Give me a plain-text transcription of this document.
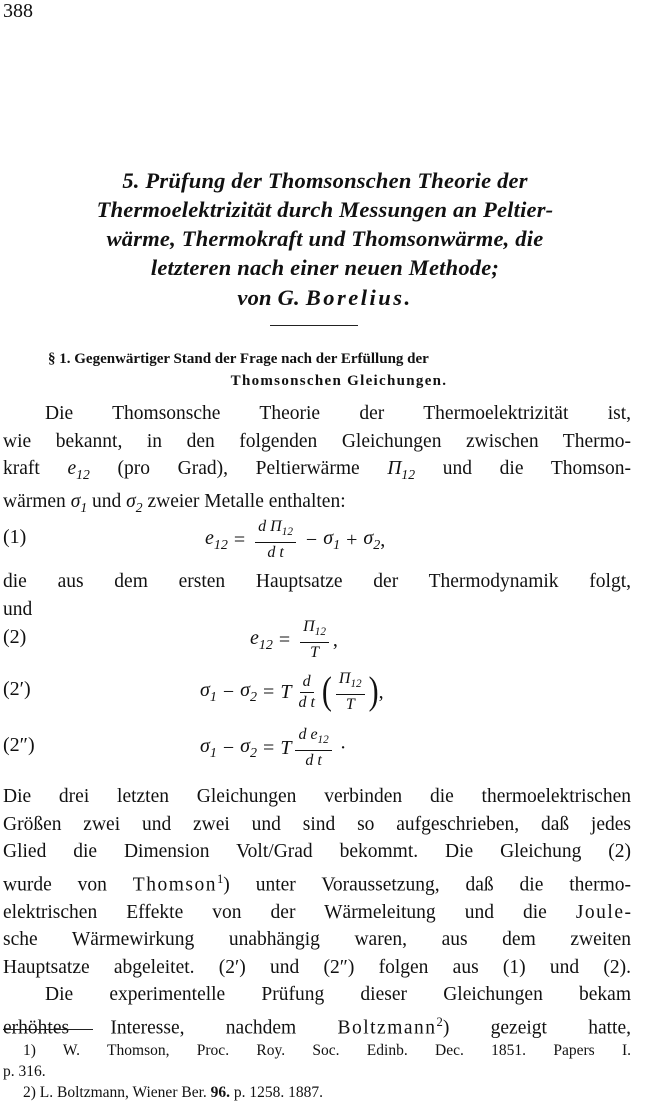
388
5. Prüfung der Thomsonschen Theorie der
Thermoelektrizität durch Messungen an Peltier-
wärme, Thermokraft und Thomsonwärme, die
letzteren nach einer neuen Methode;
von G. Borelius.
§ 1. Gegenwärtiger Stand der Frage nach der Erfüllung der
Thomsonschen Gleichungen.
Die Thomsonsche Theorie der Thermoelektrizität ist,
wie bekannt, in den folgenden Gleichungen zwischen Thermo-
kraft $e_{12}$ (pro Grad), Peltierwärme $\Pi_{12}$ und die Thomson-
wärmen $\sigma_1$ und $\sigma_2$ zweier Metalle enthalten:
(1)	$e_{12} = \frac{d \Pi_{12}}{\text{d t}} - \sigma_1 + \sigma_2$ ,
die aus dem ersten Hauptsatze der Thermodynamik folgt,
und
(2)	$e_{12} = \frac{\Pi_{12}}{T}$ ,
(2′)	$\sigma_1 - \sigma_2 = T \frac{d}{\text{d t}}$ ( $\frac{\Pi_{12}}{T}$ ) ,
(2″)	$\sigma_1 - \sigma_2 = T \frac{d e_{12}}{\text{d t}}$ ·
Die drei letzten Gleichungen verbinden die thermoelektrischen
Größen zwei und zwei und sind so aufgeschrieben, daß jedes
Glied die Dimension Volt/Grad bekommt. Die Gleichung (2)
wurde von Thomson$^1$) unter Voraussetzung, daß die thermo-
elektrischen Effekte von der Wärmeleitung und die Joule-
sche Wärmewirkung unabhängig waren, aus dem zweiten
Hauptsatze abgeleitet. (2′) und (2″) folgen aus (1) und (2).
Die experimentelle Prüfung dieser Gleichungen bekam
erhöhtes Interesse, nachdem Boltzmann$^2$) gezeigt hatte,
1) W. Thomson, Proc. Roy. Soc. Edinb. Dec. 1851. Papers I.
p. 316.
2) L. Boltzmann, Wiener Ber. 96. p. 1258. 1887.
